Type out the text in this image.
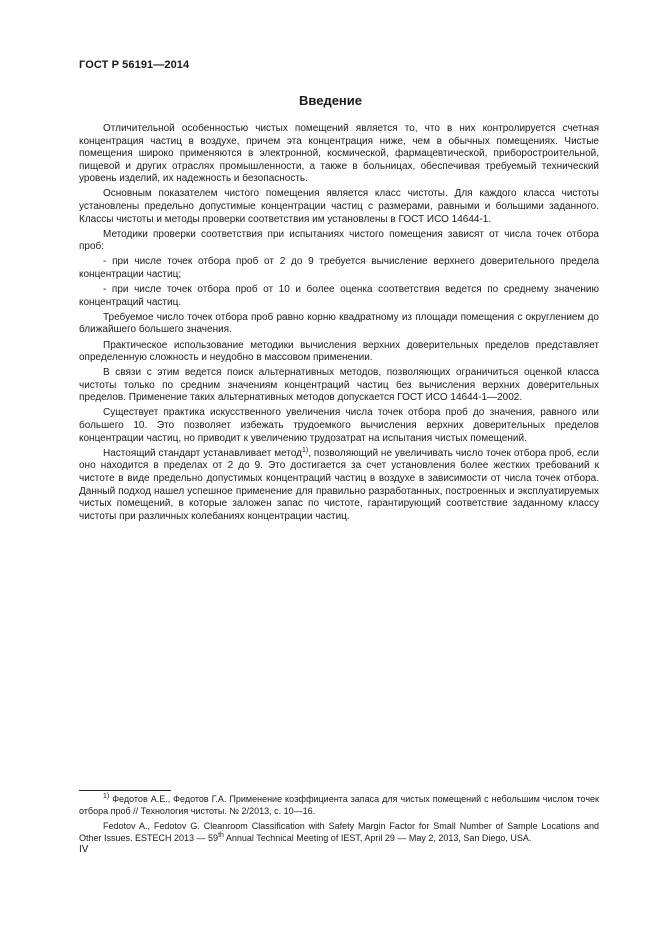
ГОСТ Р 56191—2014
Введение

Отличительной особенностью чистых помещений является то, что в них контролируется счетная концентрация частиц в воздухе, причем эта концентрация ниже, чем в обычных помещениях. Чистые помещения широко применяются в электронной, космической, фармацевтической, приборостроительной, пищевой и других отраслях промышленности, а также в больницах, обеспечивая требуемый технический уровень изделий, их надежность и безопасность.

Основным показателем чистого помещения является класс чистоты. Для каждого класса чистоты установлены предельно допустимые концентрации частиц с размерами, равными и большими заданного. Классы чистоты и методы проверки соответствия им установлены в ГОСТ ИСО 14644-1.

Методики проверки соответствия при испытаниях чистого помещения зависят от числа точек отбора проб:

- при числе точек отбора проб от 2 до 9 требуется вычисление верхнего доверительного предела концентрации частиц;

- при числе точек отбора проб от 10 и более оценка соответствия ведется по среднему значению концентраций частиц.

Требуемое число точек отбора проб равно корню квадратному из площади помещения с округлением до ближайшего большего значения.

Практическое использование методики вычисления верхних доверительных пределов представляет определенную сложность и неудобно в массовом применении.

В связи с этим ведется поиск альтернативных методов, позволяющих ограничиться оценкой класса чистоты только по средним значениям концентраций частиц без вычисления верхних доверительных пределов. Применение таких альтернативных методов допускается ГОСТ ИСО 14644-1—2002.

Существует практика искусственного увеличения числа точек отбора проб до значения, равного или большего 10. Это позволяет избежать трудоемкого вычисления верхних доверительных пределов концентрации частиц, но приводит к увеличению трудозатрат на испытания чистых помещений.

Настоящий стандарт устанавливает метод$^{1)}$, позволяющий не увеличивать число точек отбора проб, если оно находится в пределах от 2 до 9. Это достигается за счет установления более жестких требований к чистоте в виде предельно допустимых концентраций частиц в воздухе в зависимости от числа точек отбора. Данный подход нашел успешное применение для правильно разработанных, построенных и эксплуатируемых чистых помещений, в которые заложен запас по чистоте, гарантирующий соответствие заданному классу чистоты при различных колебаниях концентрации частиц.

$^{1)}$ Федотов А.Е., Федотов Г.А. Применение коэффициента запаса для чистых помещений с небольшим числом точек отбора проб // Технология чистоты. № 2/2013, с. 10—16.

Fedotov A., Fedotov G. Cleanroom Classification with Safety Margin Factor for Small Number of Sample Locations and Other Issues. ESTECH 2013 — 59th Annual Technical Meeting of IEST, April 29 — May 2, 2013, San Diego, USA.

IV
